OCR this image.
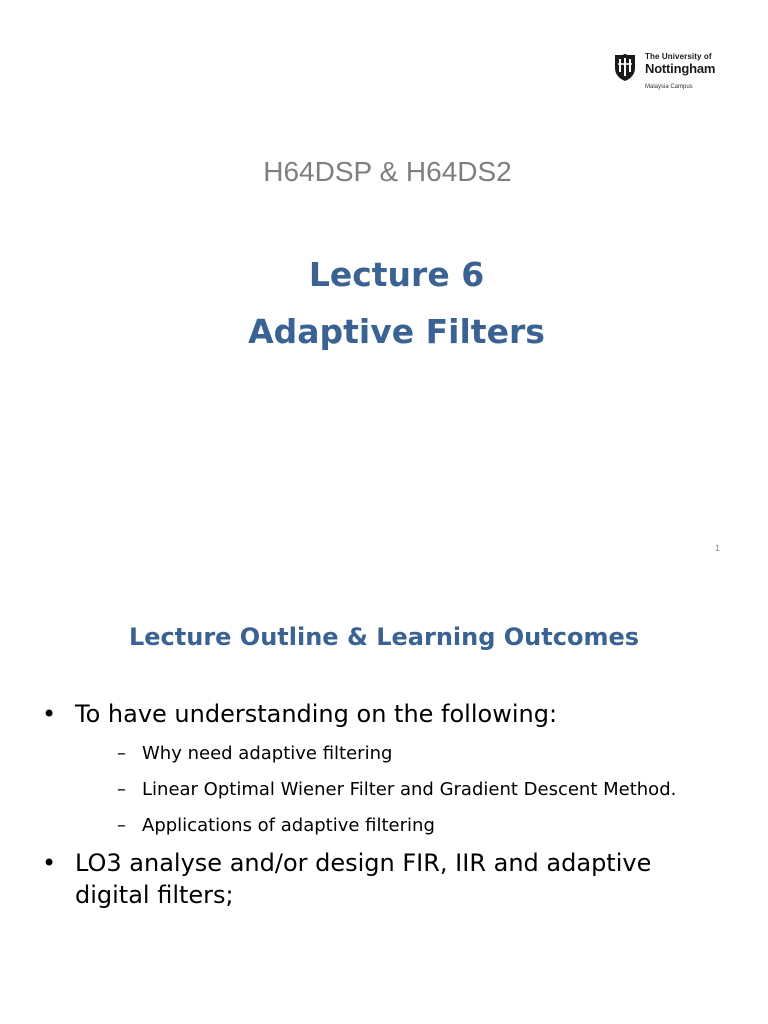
The University of
Nottingham
Malaysia Campus
H64DSP & H64DS2
Lecture 6
Adaptive Filters
1
Lecture Outline & Learning Outcomes
• To have understanding on the following:
– Why need adaptive filtering
– Linear Optimal Wiener Filter and Gradient Descent Method.
– Applications of adaptive filtering
• LO3 analyse and/or design FIR, IIR and adaptive digital filters;
